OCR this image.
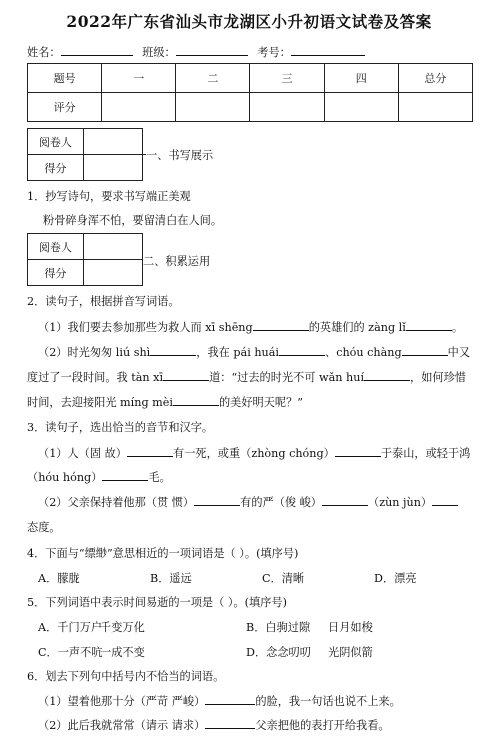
2022年广东省汕头市龙湖区小升初语文试卷及答案
姓名：	班级：	考号：
题号	一	二	三	四	总分
评分					
阅卷人	
得分	
一、书写展示
1．抄写诗句，要求书写端正美观
粉骨碎身浑不怕，要留清白在人间。
阅卷人	
得分	
二、积累运用
2．读句子，根据拼音写词语。
（1）我们要去参加那些为救人而 xī shēng	的英雄们的 zàng lǐ	。
（2）时光匆匆 liú shì	，我在 pái huái	、chóu chàng	中又
度过了一段时间。我 tàn xī	道：“过去的时光不可 wǎn huí	，如何珍惜
时间，去迎接阳光 mínɡ mèi	的美好明天呢？”
3．读句子，选出恰当的音节和汉字。
（1）人（固 故）	有一死，或重（zhòng chóng）	于泰山，或轻于鸿
（hóu hóng）	毛。
（2）父亲保持着他那（贯 惯）	有的严（俊 峻）	（zùn jùn）
态度。
4．下面与“缥缈”意思相近的一项词语是（ ）。(填序号)
A．朦胧	B．遥远	C．清晰	D．漂亮
5．下列词语中表示时间易逝的一项是（ ）。(填序号)
A．千门万户千变万化	B．白驹过隙 日月如梭
C．一声不吭一成不变	D．念念叨叨 光阴似箭
6．划去下列句中括号内不恰当的词语。
（1）望着他那十分（严苛 严峻）	的脸，我一句话也说不上来。
（2）此后我就常常（请示 请求）	父亲把他的表打开给我看。
